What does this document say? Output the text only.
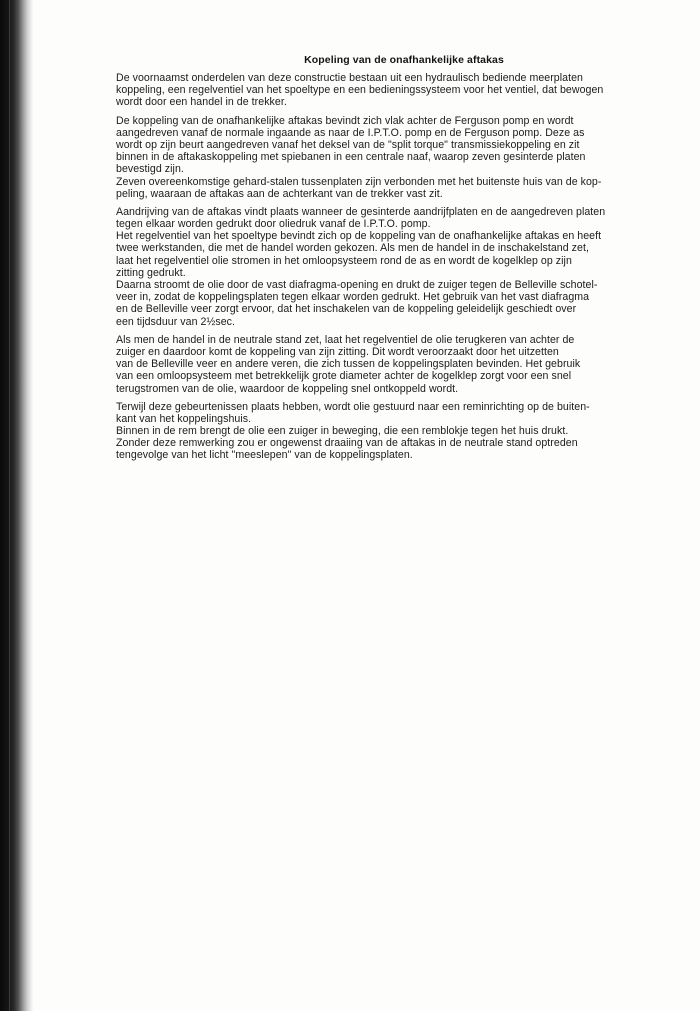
Kopeling van de onafhankelijke aftakas
De voornaamst onderdelen van deze constructie bestaan uit een hydraulisch bediende meerplaten
koppeling, een regelventiel van het spoeltype en een bedieningssysteem voor het ventiel, dat bewogen
wordt door een handel in de trekker.
De koppeling van de onafhankelijke aftakas bevindt zich vlak achter de Ferguson pomp en wordt
aangedreven vanaf de normale ingaande as naar de I.P.T.O. pomp en de Ferguson pomp. Deze as
wordt op zijn beurt aangedreven vanaf het deksel van de "split torque" transmissiekoppeling en zit
binnen in de aftakaskoppeling met spiebanen in een centrale naaf, waarop zeven gesinterde platen
bevestigd zijn.
Zeven overeenkomstige gehard-stalen tussenplaten zijn verbonden met het buitenste huis van de kop-
peling, waaraan de aftakas aan de achterkant van de trekker vast zit.
Aandrijving van de aftakas vindt plaats wanneer de gesinterde aandrijfplaten en de aangedreven platen
tegen elkaar worden gedrukt door oliedruk vanaf de I.P.T.O. pomp.
Het regelventiel van het spoeltype bevindt zich op de koppeling van de onafhankelijke aftakas en heeft
twee werkstanden, die met de handel worden gekozen. Als men de handel in de inschakelstand zet,
laat het regelventiel olie stromen in het omloopsysteem rond de as en wordt de kogelklep op zijn
zitting gedrukt.
Daarna stroomt de olie door de vast diafragma-opening en drukt de zuiger tegen de Belleville schotel-
veer in, zodat de koppelingsplaten tegen elkaar worden gedrukt. Het gebruik van het vast diafragma
en de Belleville veer zorgt ervoor, dat het inschakelen van de koppeling geleidelijk geschiedt over
een tijdsduur van 2½sec.
Als men de handel in de neutrale stand zet, laat het regelventiel de olie terugkeren van achter de
zuiger en daardoor komt de koppeling van zijn zitting. Dit wordt veroorzaakt door het uitzetten
van de Belleville veer en andere veren, die zich tussen de koppelingsplaten bevinden. Het gebruik
van een omloopsysteem met betrekkelijk grote diameter achter de kogelklep zorgt voor een snel
terugstromen van de olie, waardoor de koppeling snel ontkoppeld wordt.
Terwijl deze gebeurtenissen plaats hebben, wordt olie gestuurd naar een reminrichting op de buiten-
kant van het koppelingshuis.
Binnen in de rem brengt de olie een zuiger in beweging, die een remblokje tegen het huis drukt.
Zonder deze remwerking zou er ongewenst draaiing van de aftakas in de neutrale stand optreden
tengevolge van het licht "meeslepen" van de koppelingsplaten.
